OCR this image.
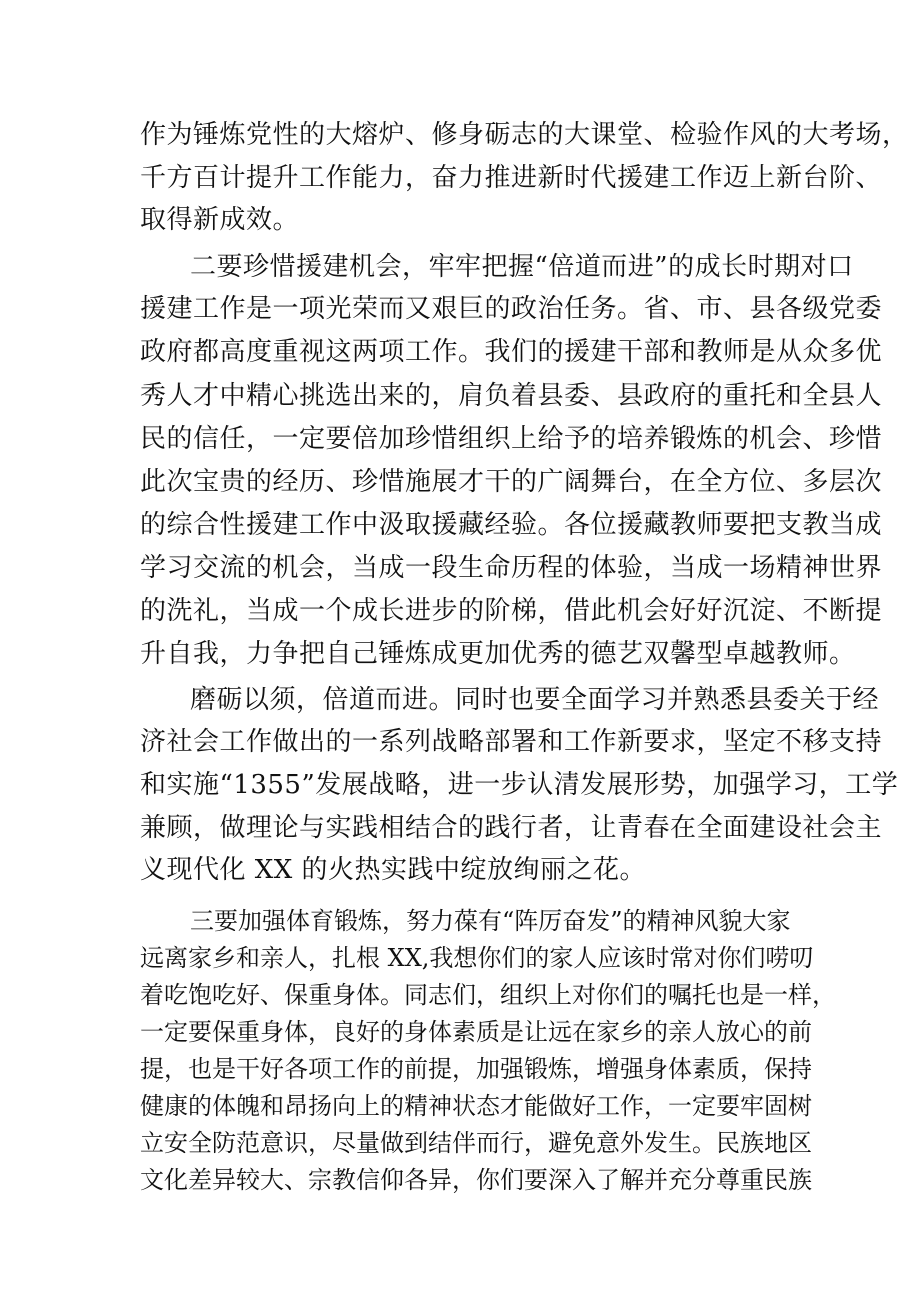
作为锤炼党性的大熔炉、修身砺志的大课堂、检验作风的大考场，
千方百计提升工作能力，奋力推进新时代援建工作迈上新台阶、
取得新成效。
二要珍惜援建机会，牢牢把握“倍道而进”的成长时期对口
援建工作是一项光荣而又艰巨的政治任务。省、市、县各级党委
政府都高度重视这两项工作。我们的援建干部和教师是从众多优
秀人才中精心挑选出来的，肩负着县委、县政府的重托和全县人
民的信任，一定要倍加珍惜组织上给予的培养锻炼的机会、珍惜
此次宝贵的经历、珍惜施展才干的广阔舞台，在全方位、多层次
的综合性援建工作中汲取援藏经验。各位援藏教师要把支教当成
学习交流的机会，当成一段生命历程的体验，当成一场精神世界
的洗礼，当成一个成长进步的阶梯，借此机会好好沉淀、不断提
升自我，力争把自己锤炼成更加优秀的德艺双馨型卓越教师。
磨砺以须，倍道而进。同时也要全面学习并熟悉县委关于经
济社会工作做出的一系列战略部署和工作新要求，坚定不移支持
和实施“1355”发展战略，进一步认清发展形势，加强学习，工学
兼顾，做理论与实践相结合的践行者，让青春在全面建设社会主
义现代化 XX 的火热实践中绽放绚丽之花。
三要加强体育锻炼，努力葆有“阵厉奋发”的精神风貌大家
远离家乡和亲人，扎根 XX,我想你们的家人应该时常对你们唠叨
着吃饱吃好、保重身体。同志们，组织上对你们的嘱托也是一样，
一定要保重身体，良好的身体素质是让远在家乡的亲人放心的前
提，也是干好各项工作的前提，加强锻炼，增强身体素质，保持
健康的体魄和昂扬向上的精神状态才能做好工作，一定要牢固树
立安全防范意识，尽量做到结伴而行，避免意外发生。民族地区
文化差异较大、宗教信仰各异，你们要深入了解并充分尊重民族
